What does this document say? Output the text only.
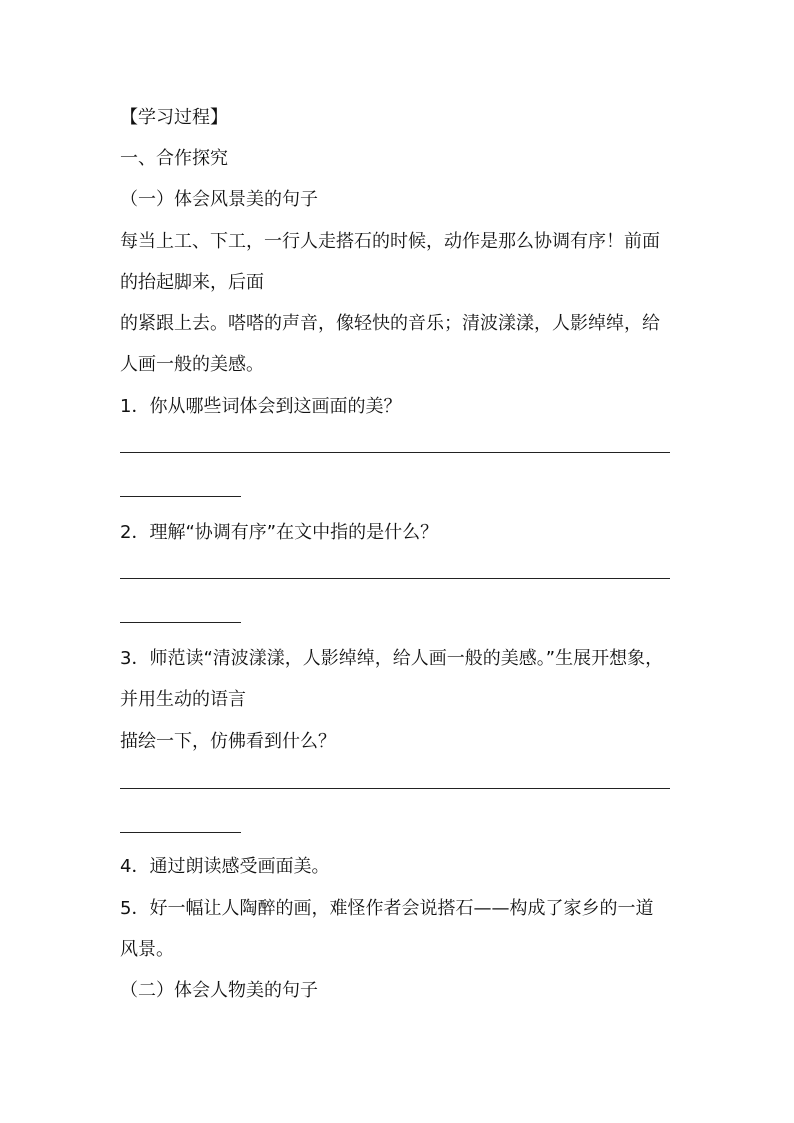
【学习过程】
一、合作探究
（一）体会风景美的句子
每当上工、下工，一行人走搭石的时候，动作是那么协调有序！前面
的抬起脚来，后面
的紧跟上去。嗒嗒的声音，像轻快的音乐；清波漾漾，人影绰绰，给
人画一般的美感。
1．你从哪些词体会到这画面的美？
2．理解“协调有序”在文中指的是什么？
3．师范读“清波漾漾，人影绰绰，给人画一般的美感。”生展开想象，
并用生动的语言
描绘一下，仿佛看到什么？
4．通过朗读感受画面美。
5．好一幅让人陶醉的画，难怪作者会说搭石——构成了家乡的一道
风景。
（二）体会人物美的句子
